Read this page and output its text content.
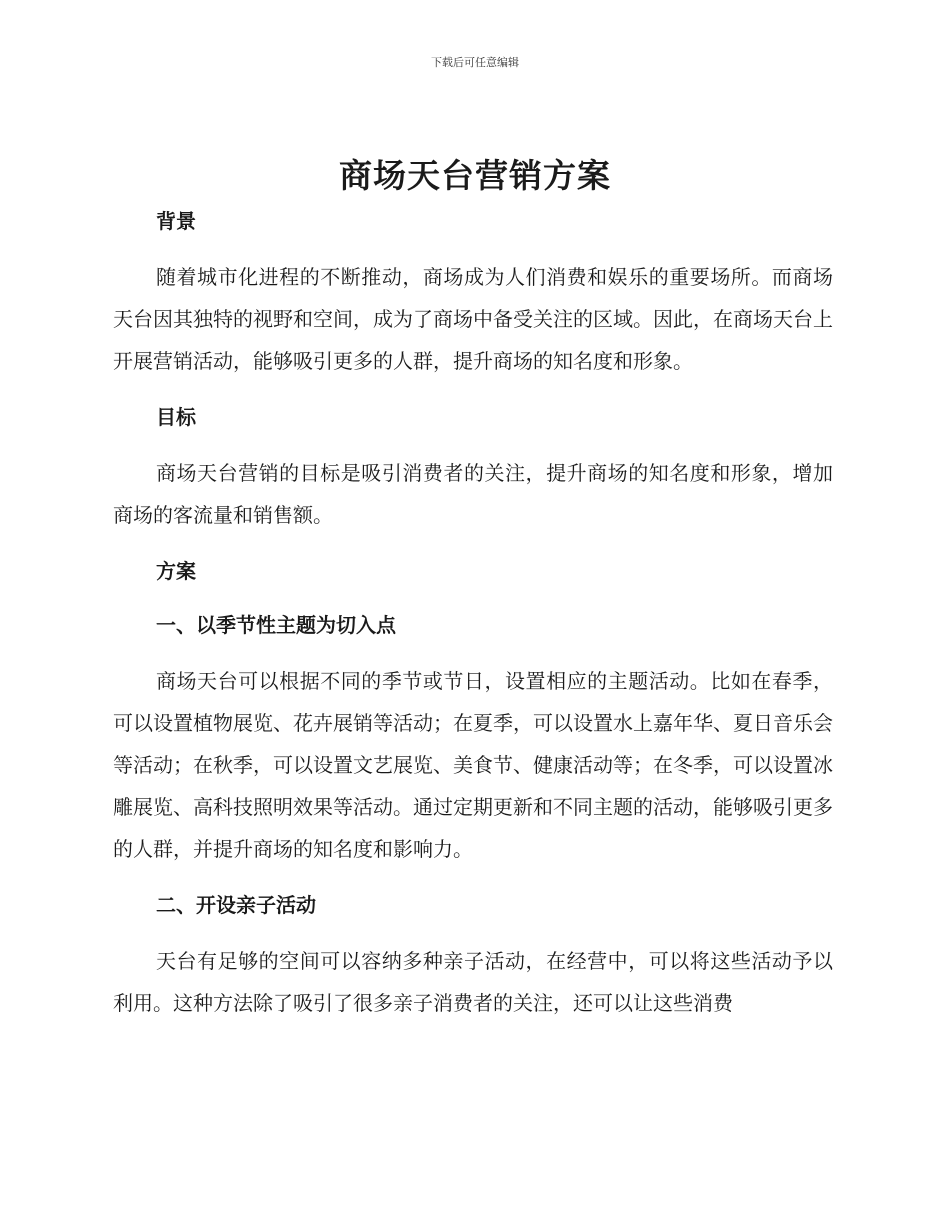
下载后可任意编辑
商场天台营销方案

背景

随着城市化进程的不断推动，商场成为人们消费和娱乐的重要场所。而商场天台因其独特的视野和空间，成为了商场中备受关注的区域。因此，在商场天台上开展营销活动，能够吸引更多的人群，提升商场的知名度和形象。

目标

商场天台营销的目标是吸引消费者的关注，提升商场的知名度和形象，增加商场的客流量和销售额。

方案

一、以季节性主题为切入点

商场天台可以根据不同的季节或节日，设置相应的主题活动。比如在春季，可以设置植物展览、花卉展销等活动；在夏季，可以设置水上嘉年华、夏日音乐会等活动；在秋季，可以设置文艺展览、美食节、健康活动等；在冬季，可以设置冰雕展览、高科技照明效果等活动。通过定期更新和不同主题的活动，能够吸引更多的人群，并提升商场的知名度和影响力。

二、开设亲子活动

天台有足够的空间可以容纳多种亲子活动，在经营中，可以将这些活动予以利用。这种方法除了吸引了很多亲子消费者的关注，还可以让这些消费
